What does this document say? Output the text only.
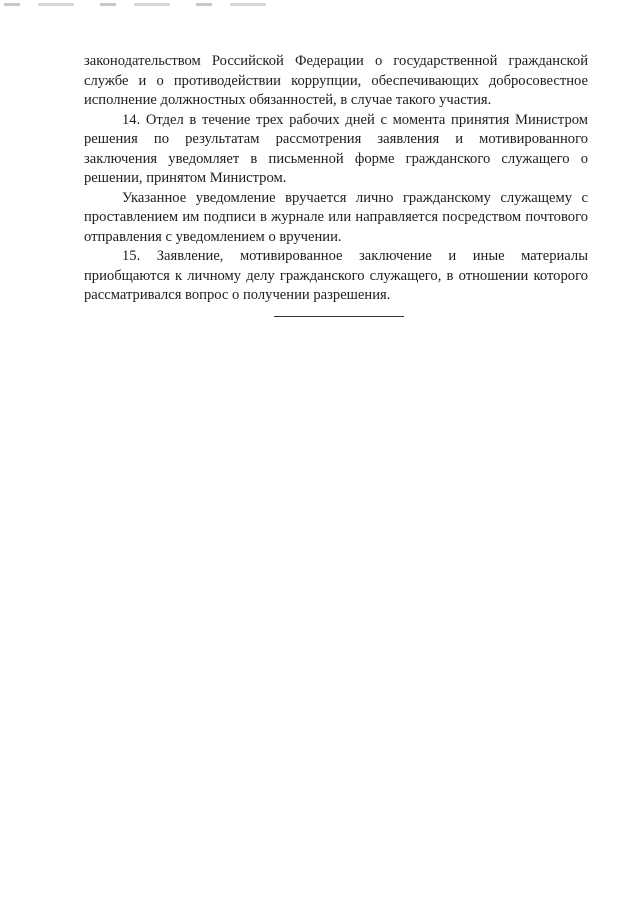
законодательством Российской Федерации о государственной гражданской службе и о противодействии коррупции, обеспечивающих добросовестное исполнение должностных обязанностей, в случае такого участия.

14. Отдел в течение трех рабочих дней с момента принятия Министром решения по результатам рассмотрения заявления и мотивированного заключения уведомляет в письменной форме гражданского служащего о решении, принятом Министром.

Указанное уведомление вручается лично гражданскому служащему с проставлением им подписи в журнале или направляется посредством почтового отправления с уведомлением о вручении.

15. Заявление, мотивированное заключение и иные материалы приобщаются к личному делу гражданского служащего, в отношении которого рассматривался вопрос о получении разрешения.
